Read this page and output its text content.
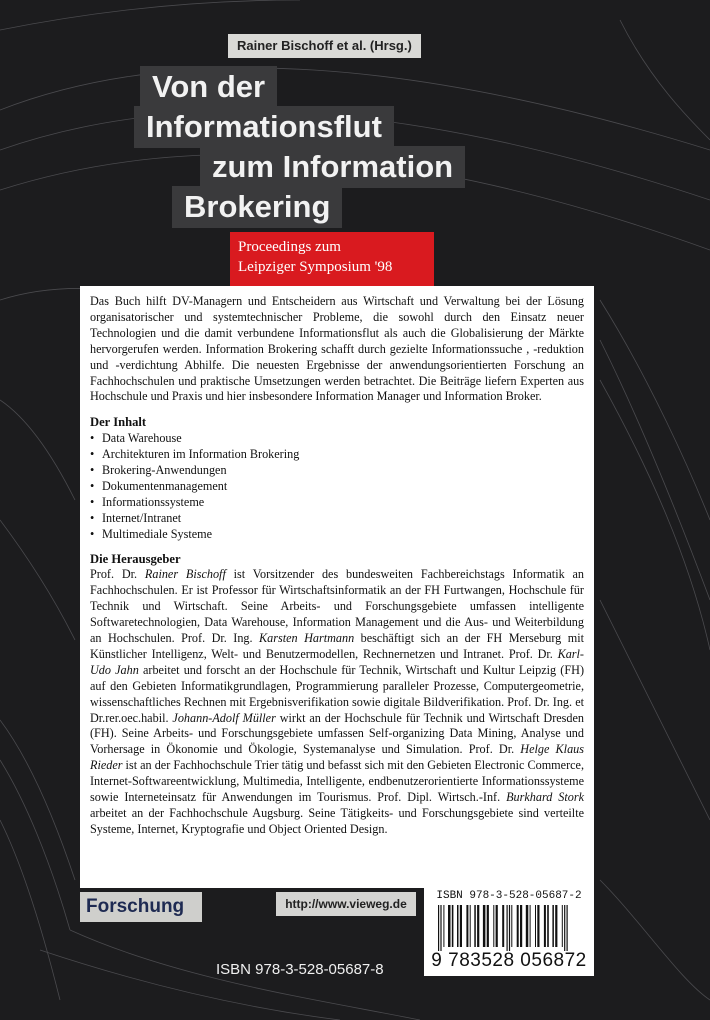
Rainer Bischoff et al. (Hrsg.)
Von der
Informationsflut
zum Information
Brokering
Proceedings zum
Leipziger Symposium '98

Das Buch hilft DV-Managern und Entscheidern aus Wirtschaft und Verwaltung bei der Lösung organisatorischer und systemtechnischer Probleme, die sowohl durch den Einsatz neuer Technologien und die damit verbundene Informationsflut als auch die Globalisierung der Märkte hervorgerufen werden. Information Brokering schafft durch gezielte Informationssuche , -reduktion und -verdichtung Abhilfe. Die neuesten Ergebnisse der anwendungsorientierten Forschung an Fachhochschulen und praktische Umsetzungen werden betrachtet. Die Beiträge liefern Experten aus Hochschule und Praxis und hier insbesondere Information Manager und Information Broker.

Der Inhalt
• Data Warehouse
• Architekturen im Information Brokering
• Brokering-Anwendungen
• Dokumentenmanagement
• Informationssysteme
• Internet/Intranet
• Multimediale Systeme
Die Herausgeber

Prof. Dr. Rainer Bischoff ist Vorsitzender des bundesweiten Fachbereichstags Informatik an Fachhochschulen. Er ist Professor für Wirtschaftsinformatik an der FH Furtwangen, Hochschule für Technik und Wirtschaft. Seine Arbeits- und Forschungsgebiete umfassen intelligente Softwaretechnologien, Data Warehouse, Information Management und die Aus- und Weiterbildung an Hochschulen. Prof. Dr. Ing. Karsten Hartmann beschäftigt sich an der FH Merseburg mit Künstlicher Intelligenz, Welt- und Benutzermodellen, Rechnernetzen und Intranet. Prof. Dr. Karl-Udo Jahn arbeitet und forscht an der Hochschule für Technik, Wirtschaft und Kultur Leipzig (FH) auf den Gebieten Informatikgrundlagen, Programmierung paralleler Prozesse, Computergeometrie, wissenschaftliches Rechnen mit Ergebnisverifikation sowie digitale Bildverifikation. Prof. Dr. Ing. et Dr.rer.oec.habil. Johann-Adolf Müller wirkt an der Hochschule für Technik und Wirtschaft Dresden (FH). Seine Arbeits- und Forschungsgebiete umfassen Self-organizing Data Mining, Analyse und Vorhersage in Ökonomie und Ökologie, Systemanalyse und Simulation. Prof. Dr. Helge Klaus Rieder ist an der Fachhochschule Trier tätig und befasst sich mit den Gebieten Electronic Commerce, Internet-Softwareentwicklung, Multimedia, Intelligente, endbenutzerorientierte Informationssysteme sowie Interneteinsatz für Anwendungen im Tourismus. Prof. Dipl. Wirtsch.-Inf. Burkhard Stork arbeitet an der Fachhochschule Augsburg. Seine Tätigkeits- und Forschungsgebiete sind verteilte Systeme, Internet, Kryptografie und Object Oriented Design.

Forschung	http://www.vieweg.de
ISBN 978-3-528-05687-2
9 783528 056872
ISBN 978-3-528-05687-8
